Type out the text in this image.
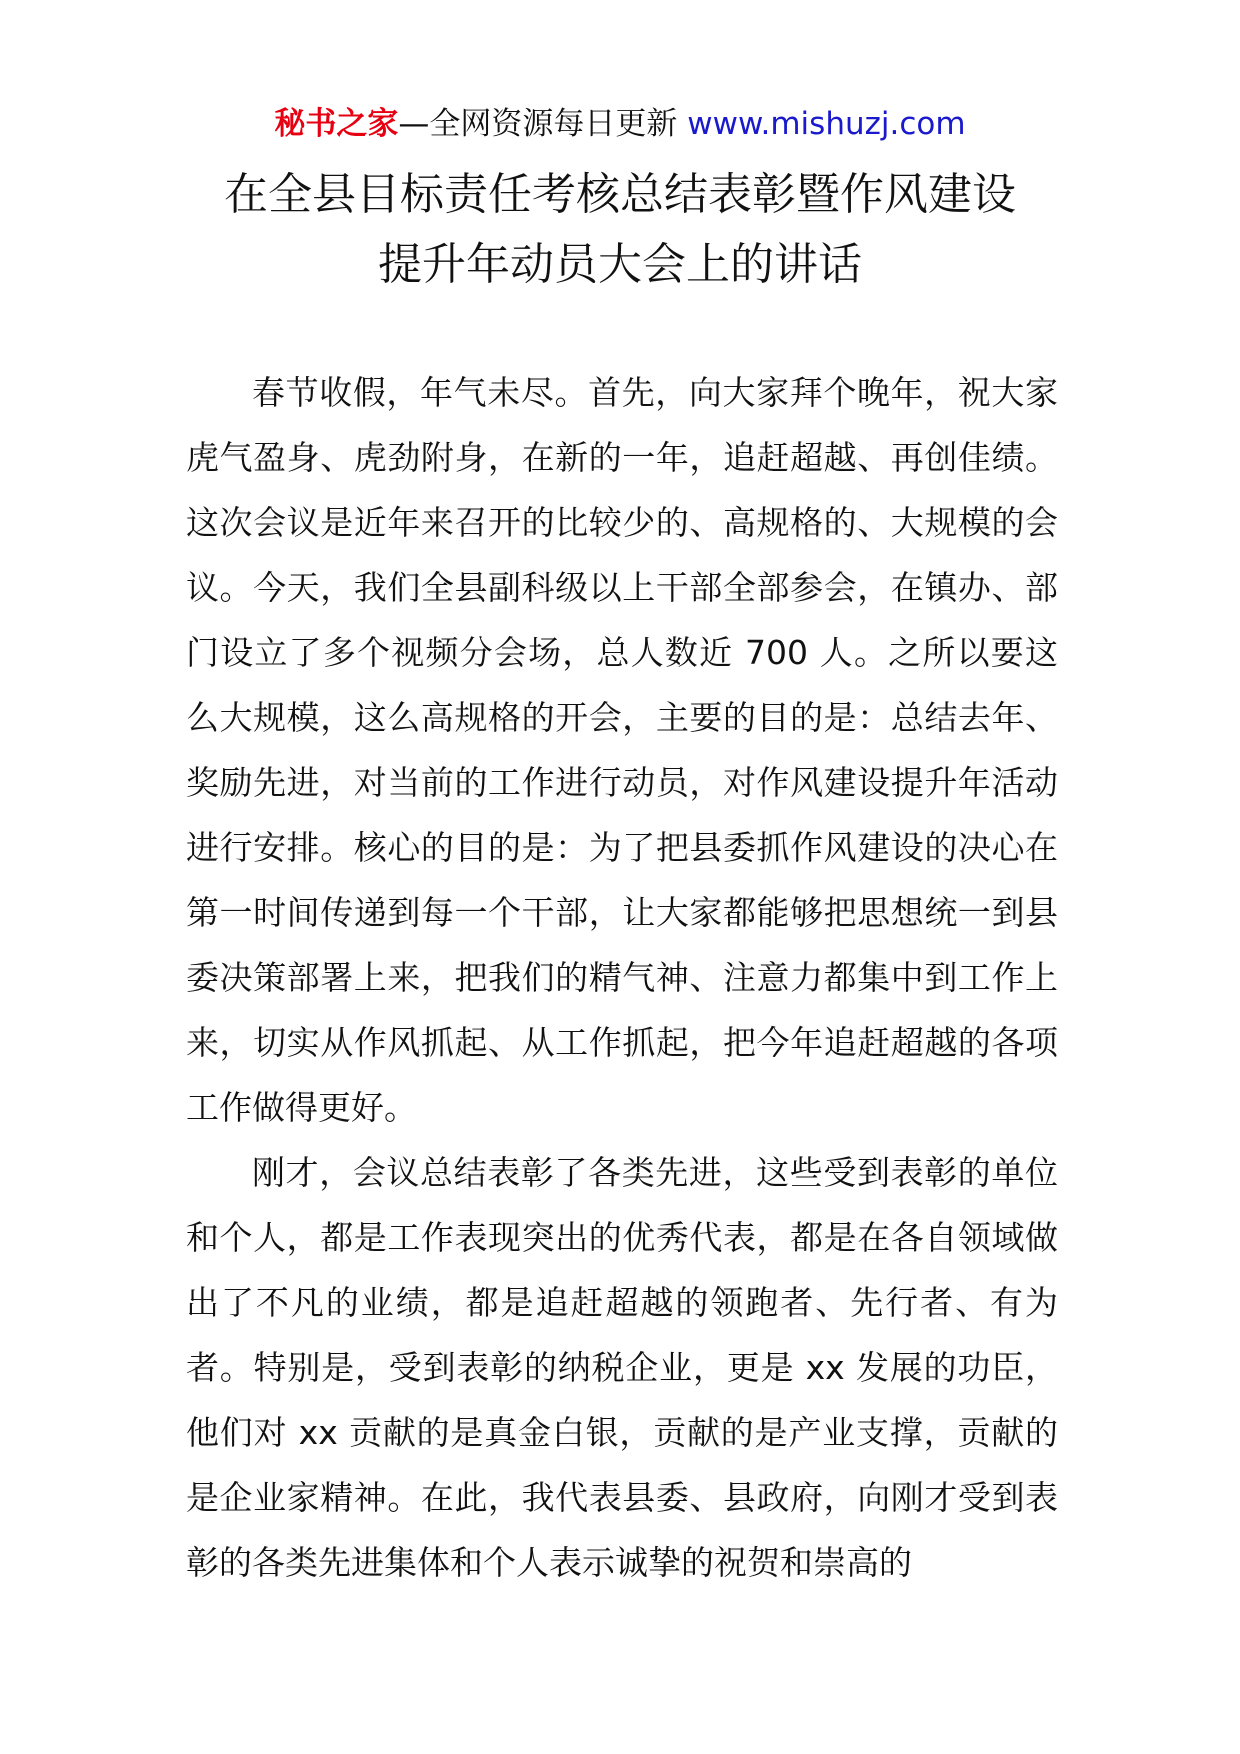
秘书之家—全网资源每日更新 www.mishuzj.com
在全县目标责任考核总结表彰暨作风建设
提升年动员大会上的讲话

春节收假，年气未尽。首先，向大家拜个晚年，祝大家虎气盈身、虎劲附身，在新的一年，追赶超越、再创佳绩。这次会议是近年来召开的比较少的、高规格的、大规模的会议。今天，我们全县副科级以上干部全部参会，在镇办、部门设立了多个视频分会场，总人数近 700 人。之所以要这么大规模，这么高规格的开会，主要的目的是：总结去年、奖励先进，对当前的工作进行动员，对作风建设提升年活动进行安排。核心的目的是：为了把县委抓作风建设的决心在第一时间传递到每一个干部，让大家都能够把思想统一到县委决策部署上来，把我们的精气神、注意力都集中到工作上来，切实从作风抓起、从工作抓起，把今年追赶超越的各项工作做得更好。

刚才，会议总结表彰了各类先进，这些受到表彰的单位和个人，都是工作表现突出的优秀代表，都是在各自领域做出了不凡的业绩，都是追赶超越的领跑者、先行者、有为者。特别是，受到表彰的纳税企业，更是 xx 发展的功臣，他们对 xx 贡献的是真金白银，贡献的是产业支撑，贡献的是企业家精神。在此，我代表县委、县政府，向刚才受到表彰的各类先进集体和个人表示诚挚的祝贺和崇高的
